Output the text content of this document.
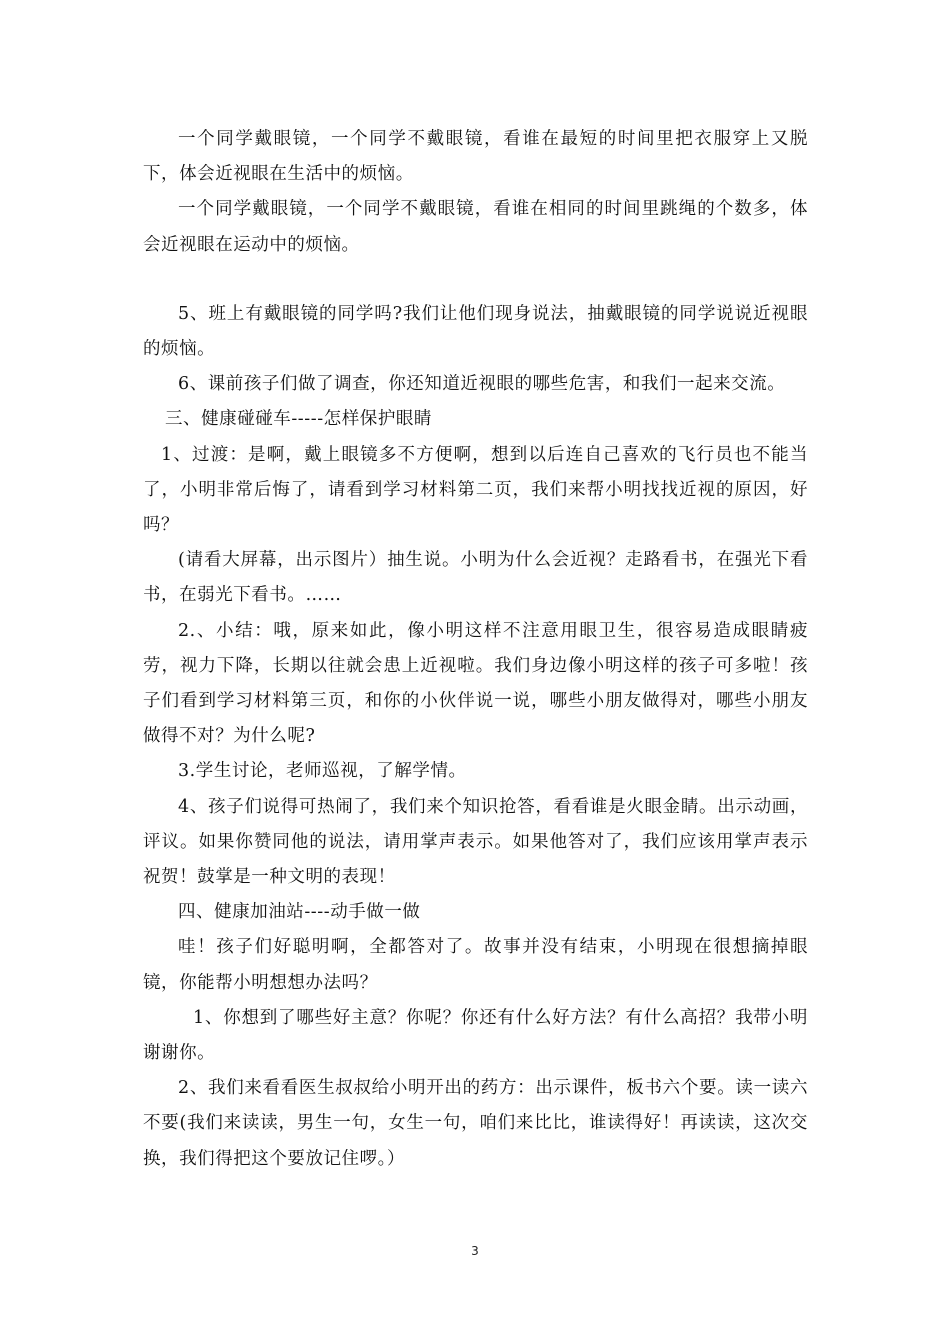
一个同学戴眼镜，一个同学不戴眼镜，看谁在最短的时间里把衣服穿上又脱下，体会近视眼在生活中的烦恼。

一个同学戴眼镜，一个同学不戴眼镜，看谁在相同的时间里跳绳的个数多，体会近视眼在运动中的烦恼。

5、班上有戴眼镜的同学吗?我们让他们现身说法，抽戴眼镜的同学说说近视眼的烦恼。

6、课前孩子们做了调查，你还知道近视眼的哪些危害，和我们一起来交流。

三、健康碰碰车-----怎样保护眼睛

1、过渡：是啊，戴上眼镜多不方便啊，想到以后连自己喜欢的飞行员也不能当了，小明非常后悔了，请看到学习材料第二页，我们来帮小明找找近视的原因，好吗？

(请看大屏幕，出示图片）抽生说。小明为什么会近视？走路看书，在强光下看书，在弱光下看书。……

2.、小结：哦，原来如此，像小明这样不注意用眼卫生，很容易造成眼睛疲劳，视力下降，长期以往就会患上近视啦。我们身边像小明这样的孩子可多啦！孩子们看到学习材料第三页，和你的小伙伴说一说，哪些小朋友做得对，哪些小朋友做得不对？为什么呢?

3.学生讨论，老师巡视，了解学情。

4、孩子们说得可热闹了，我们来个知识抢答，看看谁是火眼金睛。出示动画，评议。如果你赞同他的说法，请用掌声表示。如果他答对了，我们应该用掌声表示祝贺！鼓掌是一种文明的表现！

四、健康加油站----动手做一做

哇！孩子们好聪明啊，全都答对了。故事并没有结束，小明现在很想摘掉眼镜，你能帮小明想想办法吗？

1、你想到了哪些好主意？你呢？你还有什么好方法？有什么高招？我带小明谢谢你。

2、我们来看看医生叔叔给小明开出的药方：出示课件，板书六个要。读一读六不要(我们来读读，男生一句，女生一句，咱们来比比，谁读得好！再读读，这次交换，我们得把这个要放记住啰。）

3
